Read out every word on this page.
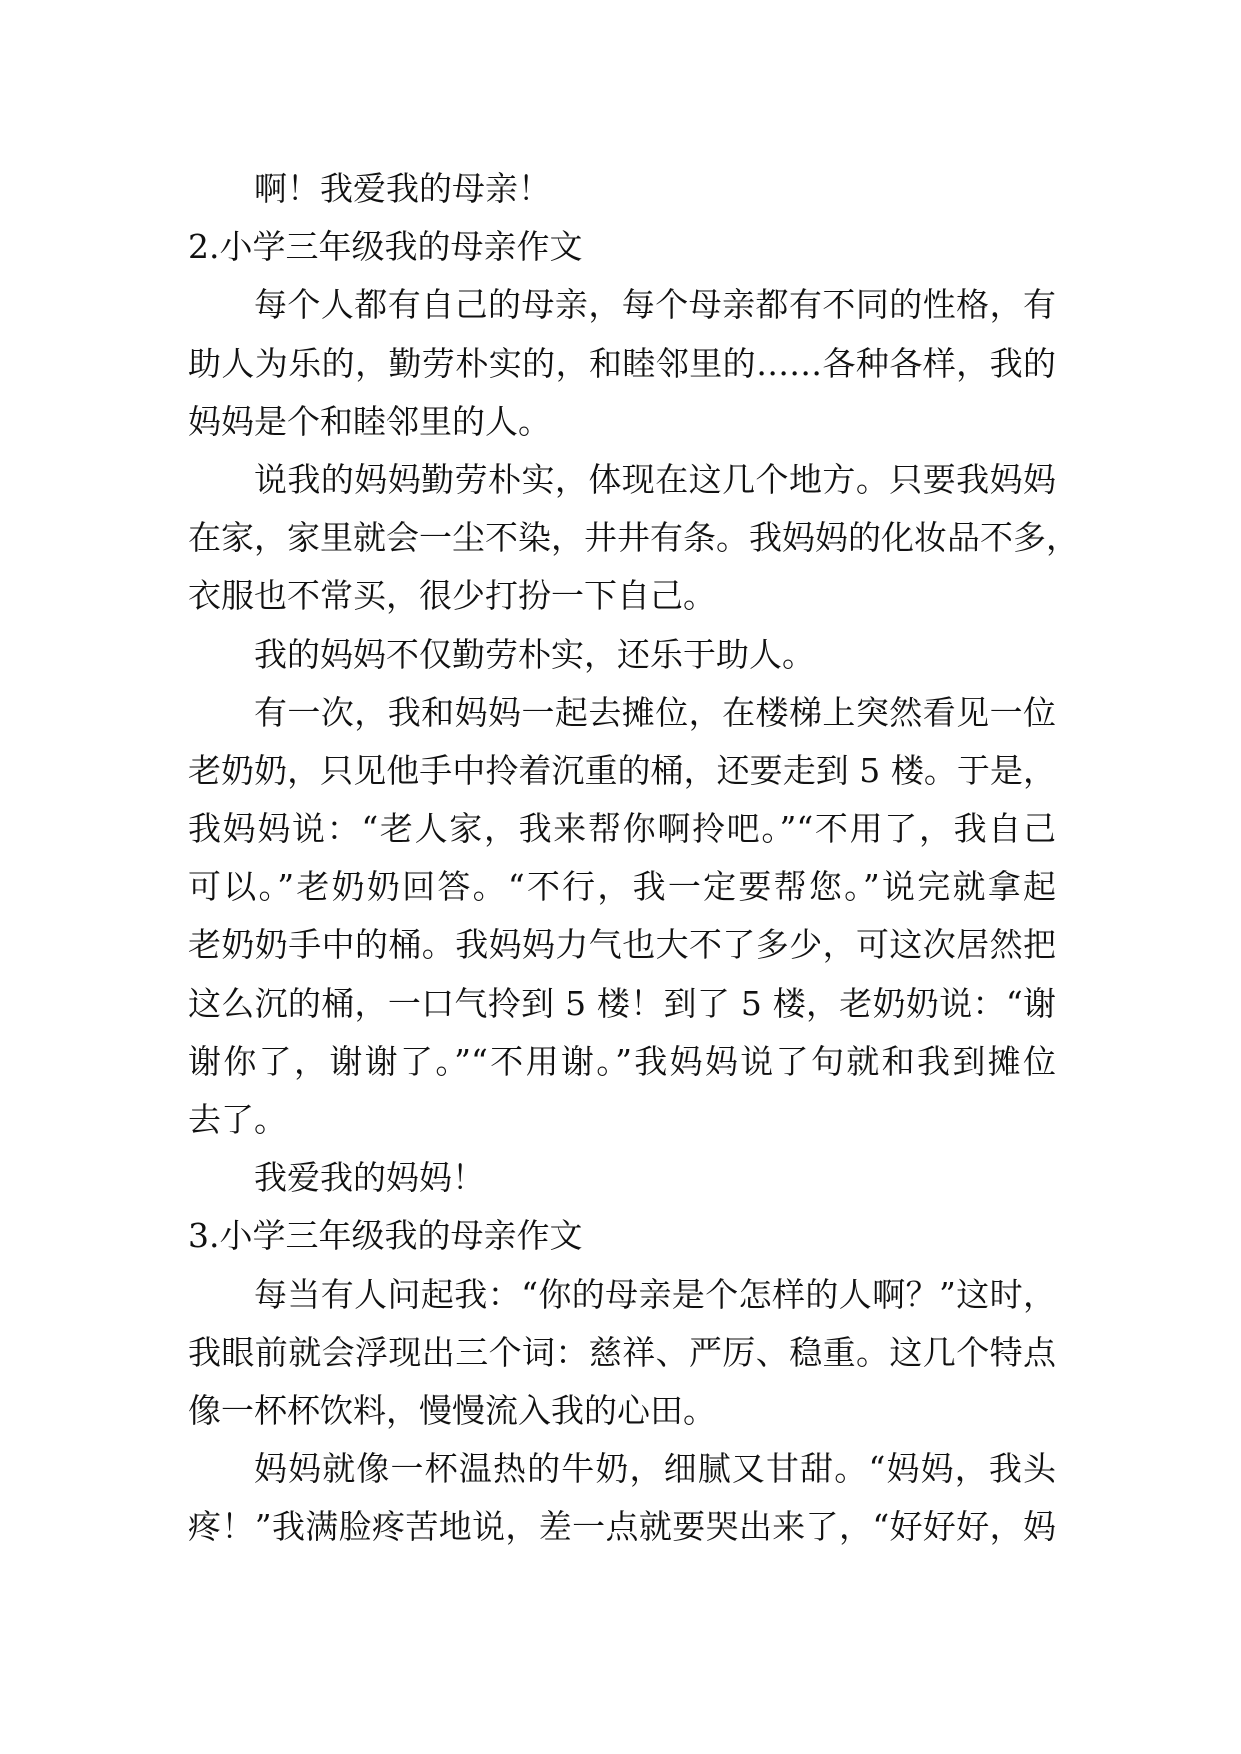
啊！我爱我的母亲！
2.小学三年级我的母亲作文
每个人都有自己的母亲，每个母亲都有不同的性格，有
助人为乐的，勤劳朴实的，和睦邻里的……各种各样，我的
妈妈是个和睦邻里的人。
说我的妈妈勤劳朴实，体现在这几个地方。只要我妈妈
在家，家里就会一尘不染，井井有条。我妈妈的化妆品不多，
衣服也不常买，很少打扮一下自己。
我的妈妈不仅勤劳朴实，还乐于助人。
有一次，我和妈妈一起去摊位，在楼梯上突然看见一位
老奶奶，只见他手中拎着沉重的桶，还要走到 5 楼。于是，
我妈妈说：“老人家，我来帮你啊拎吧。”“不用了，我自己
可以。”老奶奶回答。“不行，我一定要帮您。”说完就拿起
老奶奶手中的桶。我妈妈力气也大不了多少，可这次居然把
这么沉的桶，一口气拎到 5 楼！到了 5 楼，老奶奶说：“谢
谢你了，谢谢了。”“不用谢。”我妈妈说了句就和我到摊位
去了。
我爱我的妈妈！
3.小学三年级我的母亲作文
每当有人问起我：“你的母亲是个怎样的人啊？”这时，
我眼前就会浮现出三个词：慈祥、严厉、稳重。这几个特点
像一杯杯饮料，慢慢流入我的心田。
妈妈就像一杯温热的牛奶，细腻又甘甜。“妈妈，我头
疼！”我满脸疼苦地说，差一点就要哭出来了，“好好好，妈
